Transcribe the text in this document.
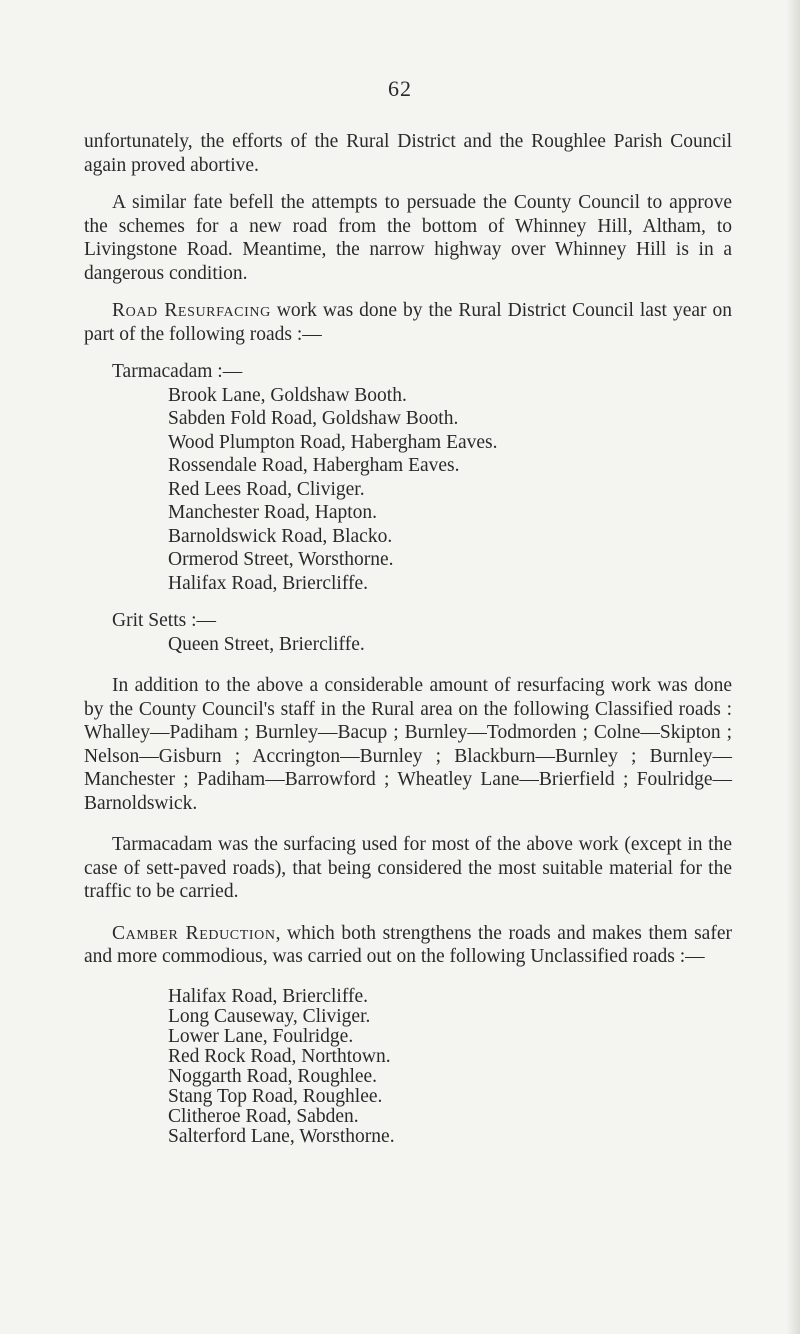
62

unfortunately, the efforts of the Rural District and the Roughlee Parish Council again proved abortive.

A similar fate befell the attempts to persuade the County Council to approve the schemes for a new road from the bottom of Whinney Hill, Altham, to Livingstone Road. Meantime, the narrow highway over Whinney Hill is in a dangerous condition.

Road Resurfacing work was done by the Rural District Council last year on part of the following roads :—

Tarmacadam :—

Brook Lane, Goldshaw Booth.
Sabden Fold Road, Goldshaw Booth.
Wood Plumpton Road, Habergham Eaves.
Rossendale Road, Habergham Eaves.
Red Lees Road, Cliviger.
Manchester Road, Hapton.
Barnoldswick Road, Blacko.
Ormerod Street, Worsthorne.
Halifax Road, Briercliffe.

Grit Setts :—

Queen Street, Briercliffe.

In addition to the above a considerable amount of resurfacing work was done by the County Council's staff in the Rural area on the following Classified roads : Whalley—Padiham ; Burnley—Bacup ; Burnley—Todmorden ; Colne—Skipton ; Nelson—Gisburn ; Accrington—Burnley ; Blackburn—Burnley ; Burnley—Manchester ; Padiham—Barrowford ; Wheatley Lane—Brierfield ; Foulridge—Barnoldswick.

Tarmacadam was the surfacing used for most of the above work (except in the case of sett-paved roads), that being considered the most suitable material for the traffic to be carried.

Camber Reduction, which both strengthens the roads and makes them safer and more commodious, was carried out on the following Unclassified roads :—

Halifax Road, Briercliffe.
Long Causeway, Cliviger.
Lower Lane, Foulridge.
Red Rock Road, Northtown.
Noggarth Road, Roughlee.
Stang Top Road, Roughlee.
Clitheroe Road, Sabden.
Salterford Lane, Worsthorne.
